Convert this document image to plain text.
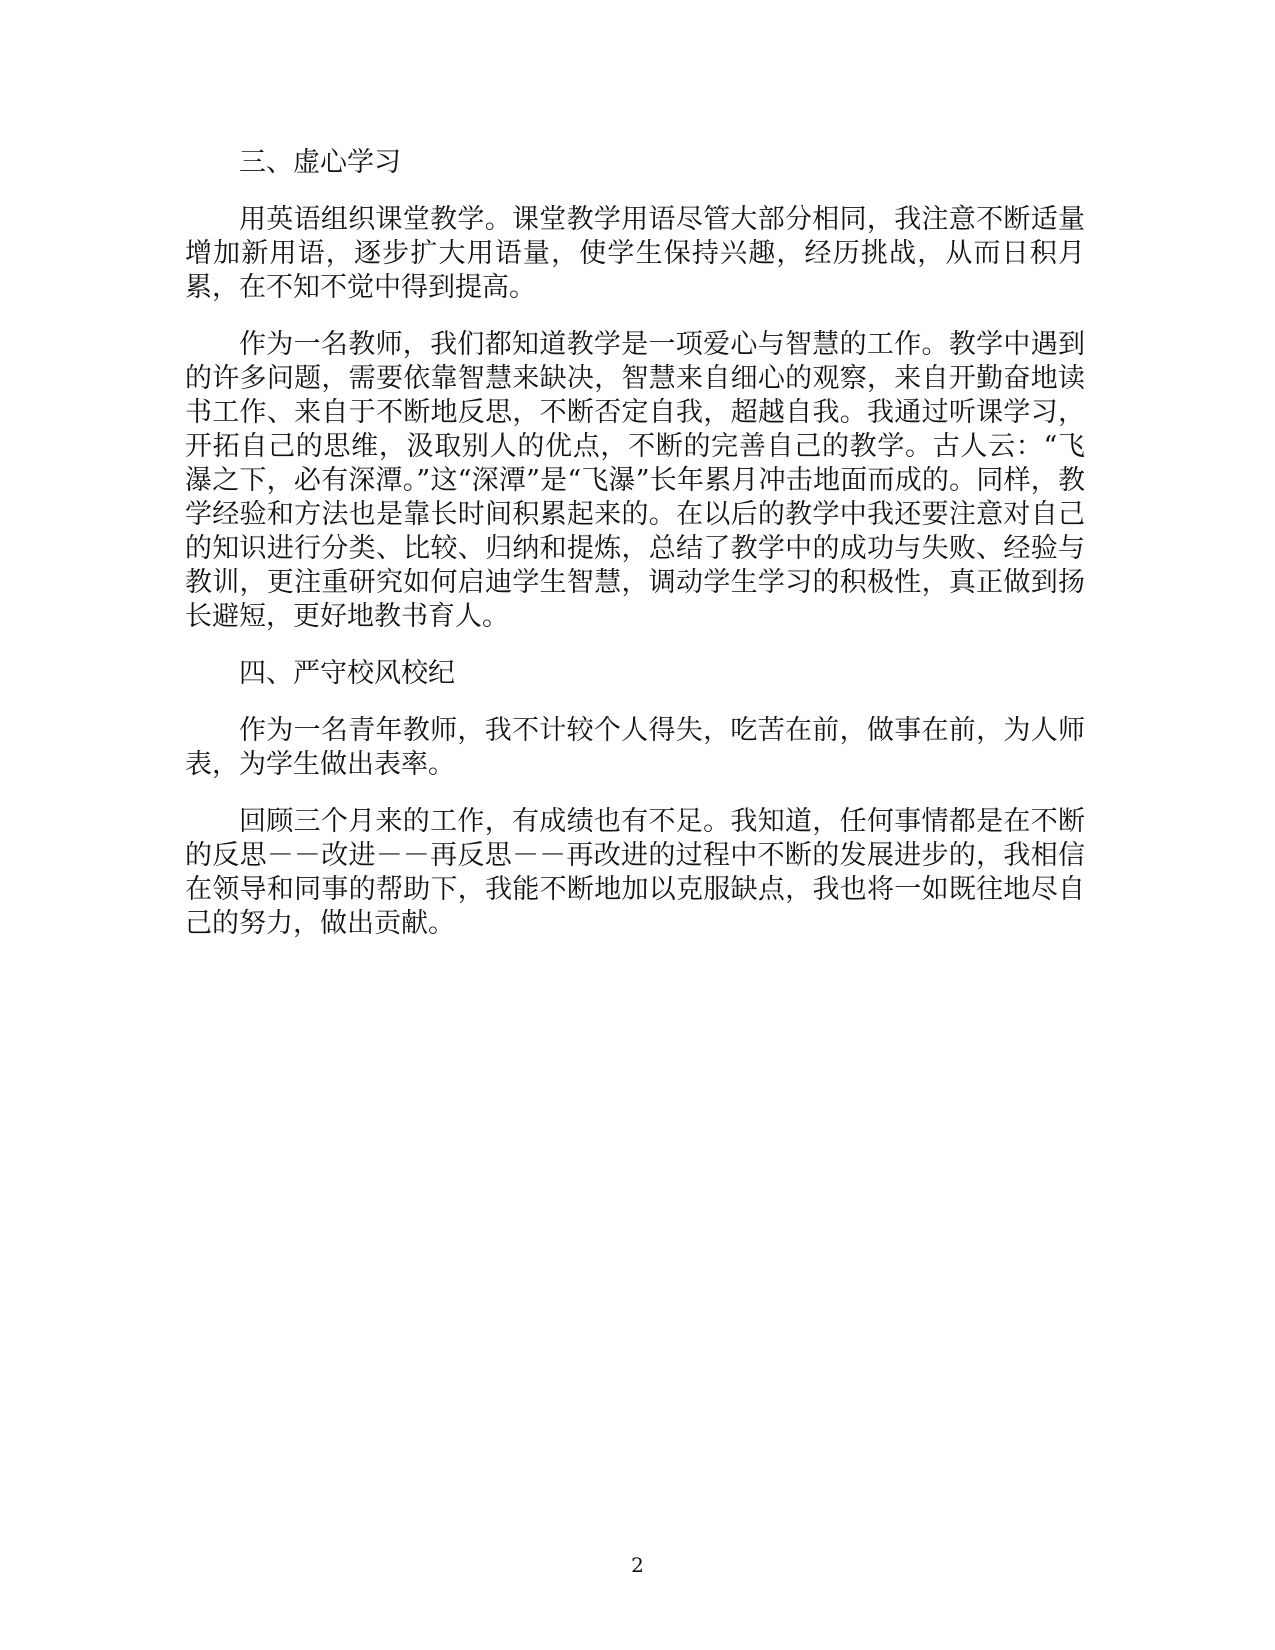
三、虚心学习

用英语组织课堂教学。课堂教学用语尽管大部分相同，我注意不断适量增加新用语，逐步扩大用语量，使学生保持兴趣，经历挑战，从而日积月累，在不知不觉中得到提高。

作为一名教师，我们都知道教学是一项爱心与智慧的工作。教学中遇到的许多问题，需要依靠智慧来缺决，智慧来自细心的观察，来自开勤奋地读书工作、来自于不断地反思，不断否定自我，超越自我。我通过听课学习，开拓自己的思维，汲取别人的优点，不断的完善自己的教学。古人云：“飞瀑之下，必有深潭。”这“深潭”是“飞瀑”长年累月冲击地面而成的。同样，教学经验和方法也是靠长时间积累起来的。在以后的教学中我还要注意对自己的知识进行分类、比较、归纳和提炼，总结了教学中的成功与失败、经验与教训，更注重研究如何启迪学生智慧，调动学生学习的积极性，真正做到扬长避短，更好地教书育人。

四、严守校风校纪

作为一名青年教师，我不计较个人得失，吃苦在前，做事在前，为人师表，为学生做出表率。

回顾三个月来的工作，有成绩也有不足。我知道，任何事情都是在不断的反思－－改进－－再反思－－再改进的过程中不断的发展进步的，我相信在领导和同事的帮助下，我能不断地加以克服缺点，我也将一如既往地尽自己的努力，做出贡献。

2
